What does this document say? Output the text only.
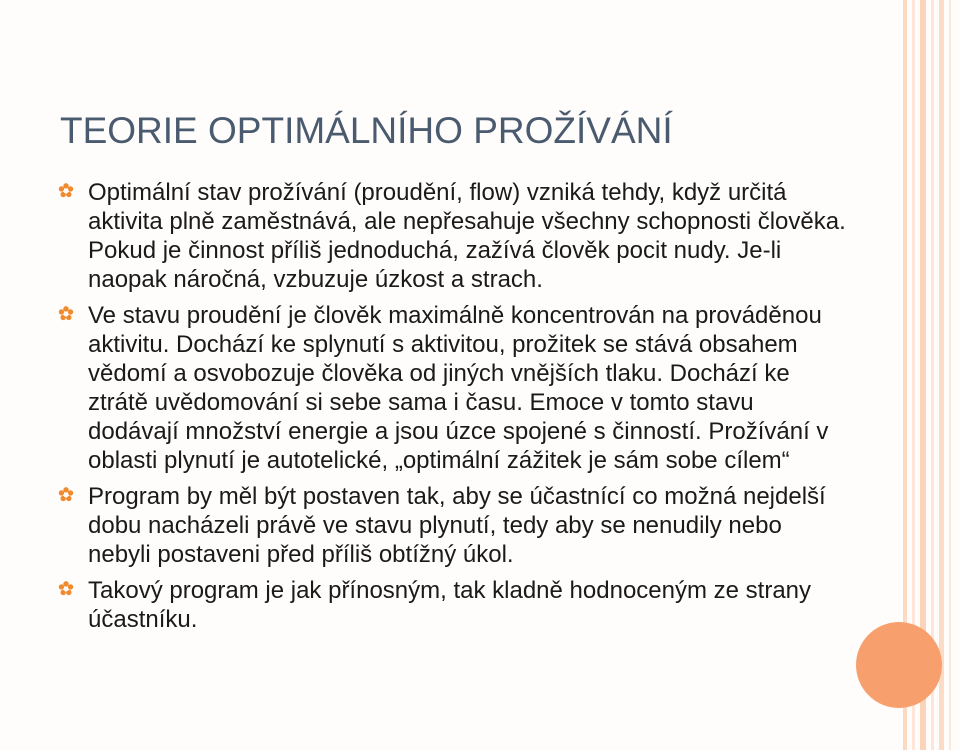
TEORIE OPTIMÁLNÍHO PROŽÍVÁNÍ
Optimální stav prožívání (proudění, flow) vzniká tehdy, když určitá aktivita plně zaměstnává, ale nepřesahuje všechny schopnosti člověka. Pokud je činnost příliš jednoduchá, zažívá člověk pocit nudy. Je-li naopak náročná, vzbuzuje úzkost a strach.
Ve stavu proudění je člověk maximálně koncentrován na prováděnou aktivitu. Dochází ke splynutí s aktivitou, prožitek se stává obsahem vědomí a osvobozuje člověka od jiných vnějších tlaku. Dochází ke ztrátě uvědomování si sebe sama i času. Emoce v tomto stavu dodávají množství energie a jsou úzce spojené s činností. Prožívání v oblasti plynutí je autotelické, „optimální zážitek je sám sobe cílem“
Program by měl být postaven tak, aby se účastnící co možná nejdelší dobu nacházeli právě ve stavu plynutí, tedy aby se nenudily nebo nebyli postaveni před příliš obtížný úkol.
Takový program je jak přínosným, tak kladně hodnoceným ze strany účastníku.
